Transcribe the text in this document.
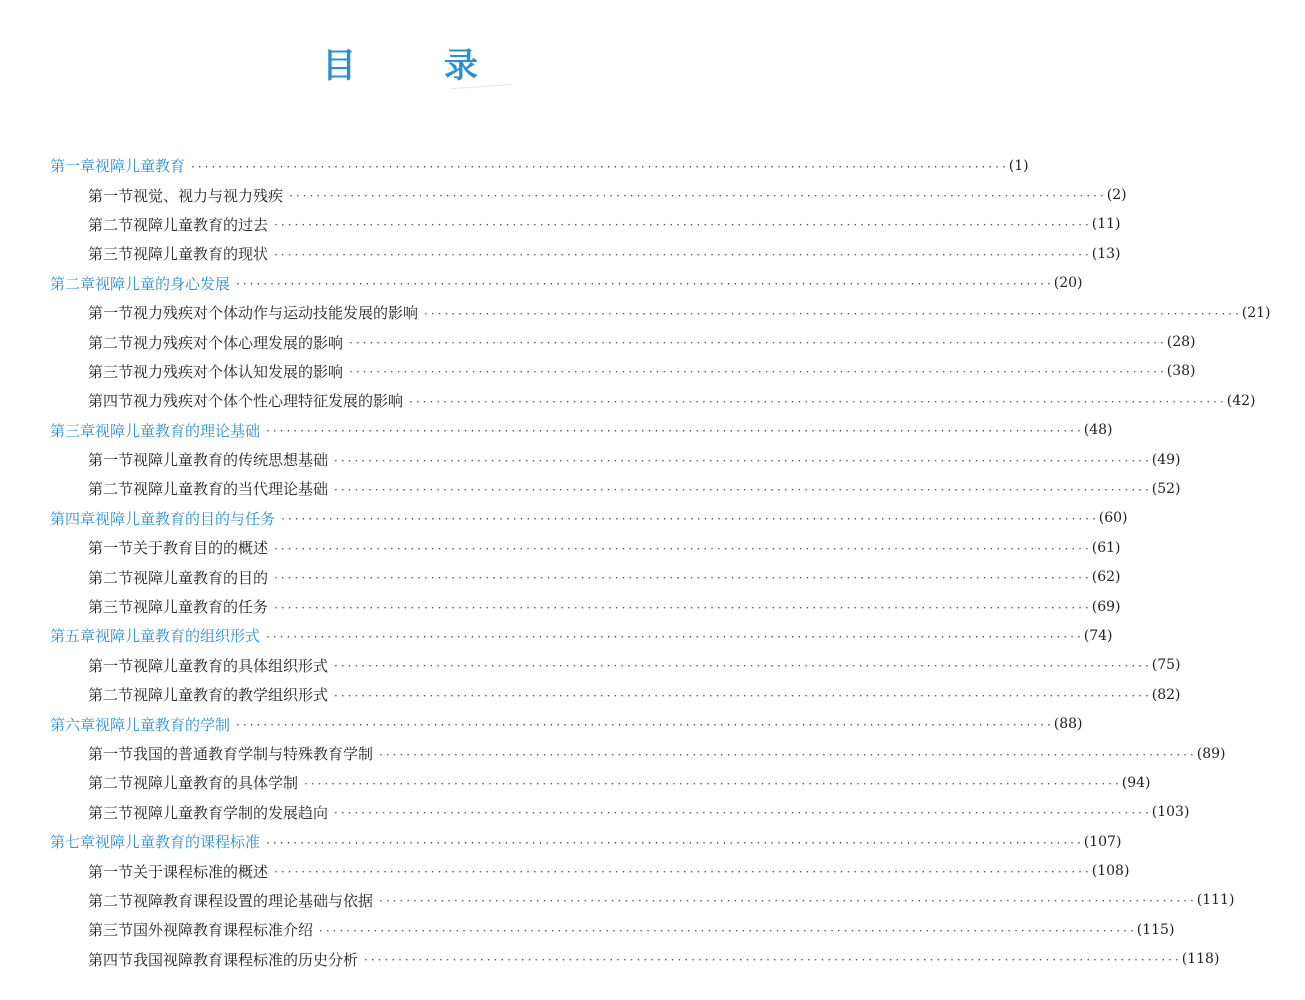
目 录
第一章 视障儿童教育 ························································································································ (1)
第一节 视觉、视力与视力残疾 ························································································································ (2)
第二节 视障儿童教育的过去 ························································································································ (11)
第三节 视障儿童教育的现状 ························································································································ (13)
第二章 视障儿童的身心发展 ························································································································ (20)
第一节 视力残疾对个体动作与运动技能发展的影响 ························································································································ (21)
第二节 视力残疾对个体心理发展的影响 ························································································································ (28)
第三节 视力残疾对个体认知发展的影响 ························································································································ (38)
第四节 视力残疾对个体个性心理特征发展的影响 ························································································································ (42)
第三章 视障儿童教育的理论基础 ························································································································ (48)
第一节 视障儿童教育的传统思想基础 ························································································································ (49)
第二节 视障儿童教育的当代理论基础 ························································································································ (52)
第四章 视障儿童教育的目的与任务 ························································································································ (60)
第一节 关于教育目的的概述 ························································································································ (61)
第二节 视障儿童教育的目的 ························································································································ (62)
第三节 视障儿童教育的任务 ························································································································ (69)
第五章 视障儿童教育的组织形式 ························································································································ (74)
第一节 视障儿童教育的具体组织形式 ························································································································ (75)
第二节 视障儿童教育的教学组织形式 ························································································································ (82)
第六章 视障儿童教育的学制 ························································································································ (88)
第一节 我国的普通教育学制与特殊教育学制 ························································································································ (89)
第二节 视障儿童教育的具体学制 ························································································································ (94)
第三节 视障儿童教育学制的发展趋向 ························································································································ (103)
第七章 视障儿童教育的课程标准 ························································································································ (107)
第一节 关于课程标准的概述 ························································································································ (108)
第二节 视障教育课程设置的理论基础与依据 ························································································································ (111)
第三节 国外视障教育课程标准介绍 ························································································································ (115)
第四节 我国视障教育课程标准的历史分析 ························································································································ (118)
